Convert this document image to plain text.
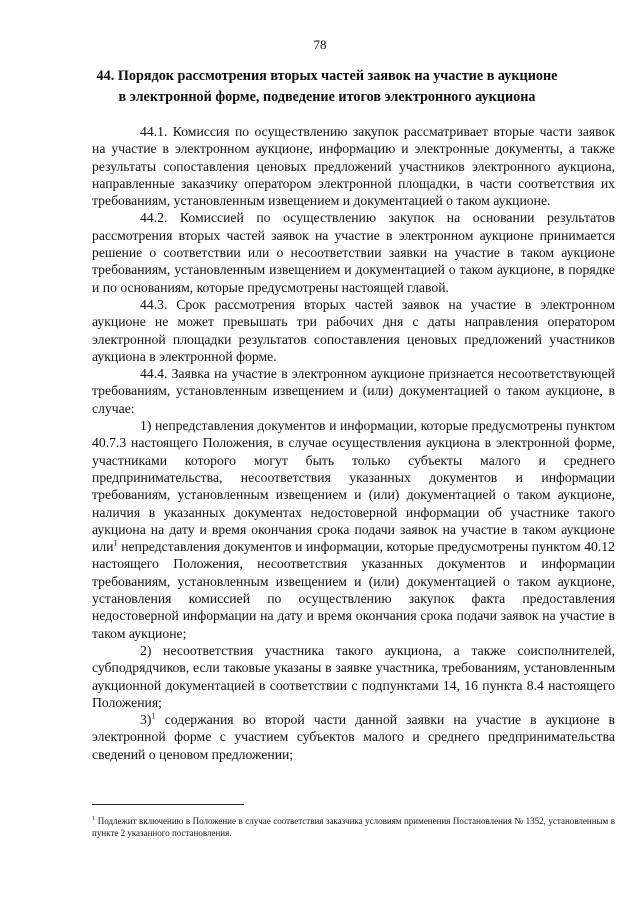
78
44. Порядок рассмотрения вторых частей заявок на участие в аукционе
в электронной форме, подведение итогов электронного аукциона

44.1. Комиссия по осуществлению закупок рассматривает вторые части заявок на участие в электронном аукционе, информацию и электронные документы, а также результаты сопоставления ценовых предложений участников электронного аукциона, направленные заказчику оператором электронной площадки, в части соответствия их требованиям, установленным извещением и документацией о таком аукционе.

44.2. Комиссией по осуществлению закупок на основании результатов рассмотрения вторых частей заявок на участие в электронном аукционе принимается решение о соответствии или о несоответствии заявки на участие в таком аукционе требованиям, установленным извещением и документацией о таком аукционе, в порядке и по основаниям, которые предусмотрены настоящей главой.

44.3. Срок рассмотрения вторых частей заявок на участие в электронном аукционе не может превышать три рабочих дня с даты направления оператором электронной площадки результатов сопоставления ценовых предложений участников аукциона в электронной форме.

44.4. Заявка на участие в электронном аукционе признается несоответствующей требованиям, установленным извещением и (или) документацией о таком аукционе, в случае:

1) непредставления документов и информации, которые предусмотрены пунктом 40.7.3 настоящего Положения, в случае осуществления аукциона в электронной форме, участниками которого могут быть только субъекты малого и среднего предпринимательства, несоответствия указанных документов и информации требованиям, установленным извещением и (или) документацией о таком аукционе, наличия в указанных документах недостоверной информации об участнике такого аукциона на дату и время окончания срока подачи заявок на участие в таком аукционе или$^1$ непредставления документов и информации, которые предусмотрены пунктом 40.12 настоящего Положения, несоответствия указанных документов и информации требованиям, установленным извещением и (или) документацией о таком аукционе, установления комиссией по осуществлению закупок факта предоставления недостоверной информации на дату и время окончания срока подачи заявок на участие в таком аукционе;

2) несоответствия участника такого аукциона, а также соисполнителей, субподрядчиков, если таковые указаны в заявке участника, требованиям, установленным аукционной документацией в соответствии с подпунктами 14, 16 пункта 8.4 настоящего Положения;

3)$^1$ содержания во второй части данной заявки на участие в аукционе в электронной форме с участием субъектов малого и среднего предпринимательства сведений о ценовом предложении;

$^1$ Подлежит включению в Положение в случае соответствия заказчика условиям применения Постановления № 1352, установленным в пункте 2 указанного постановления.
